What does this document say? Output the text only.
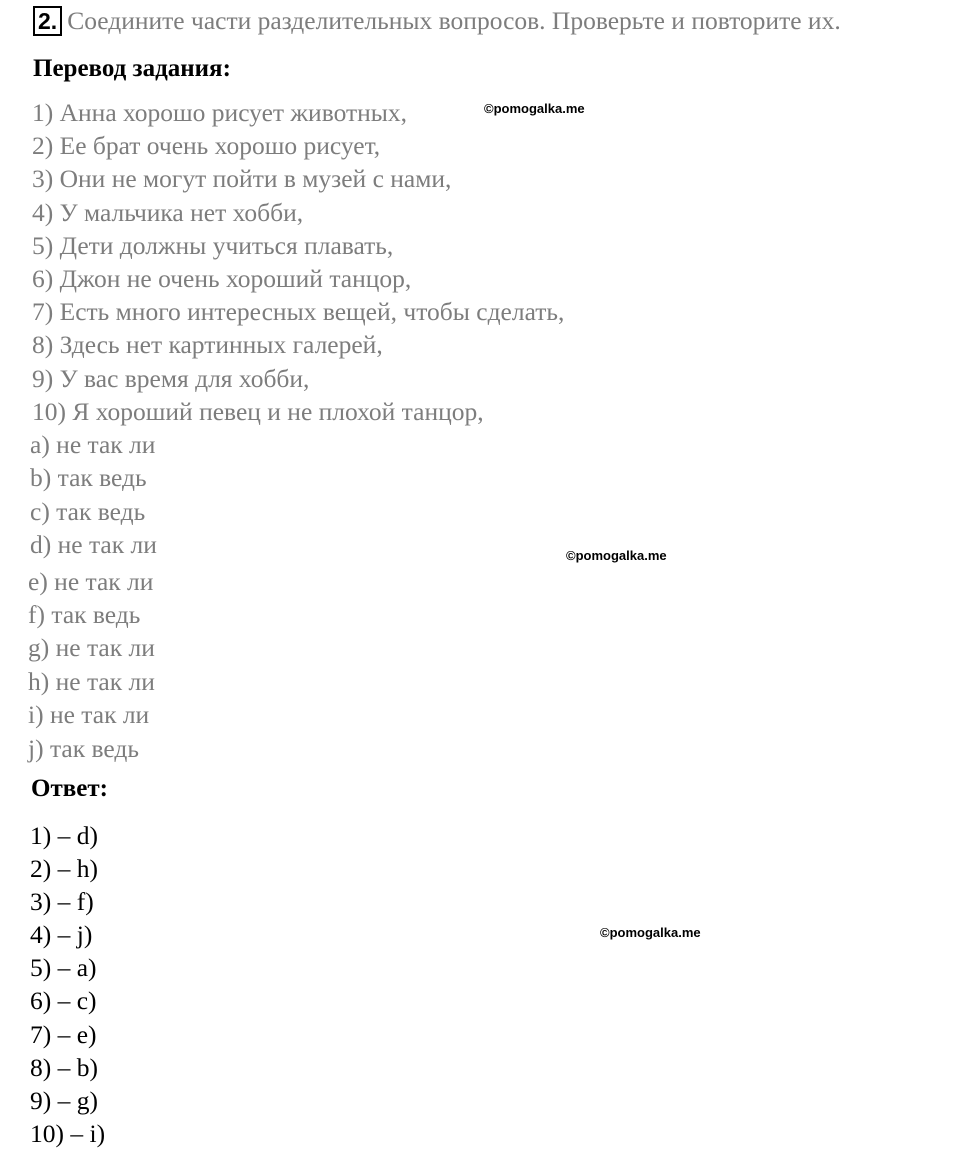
2. Соедините части разделительных вопросов. Проверьте и повторите их.
Перевод задания:
1) Анна хорошо рисует животных,
2) Ее брат очень хорошо рисует,
3) Они не могут пойти в музей с нами,
4) У мальчика нет хобби,
5) Дети должны учиться плавать,
6) Джон не очень хороший танцор,
7) Есть много интересных вещей, чтобы сделать,
8) Здесь нет картинных галерей,
9) У вас время для хобби,
10) Я хороший певец и не плохой танцор,
a) не так ли
b) так ведь
c) так ведь
d) не так ли
e) не так ли
f) так ведь
g) не так ли
h) не так ли
i) не так ли
j) так ведь
Ответ:
1) – d)
2) – h)
3) – f)
4) – j)
5) – a)
6) – c)
7) – e)
8) – b)
9) – g)
10) – i)
©pomogalka.me
©pomogalka.me
©pomogalka.me
